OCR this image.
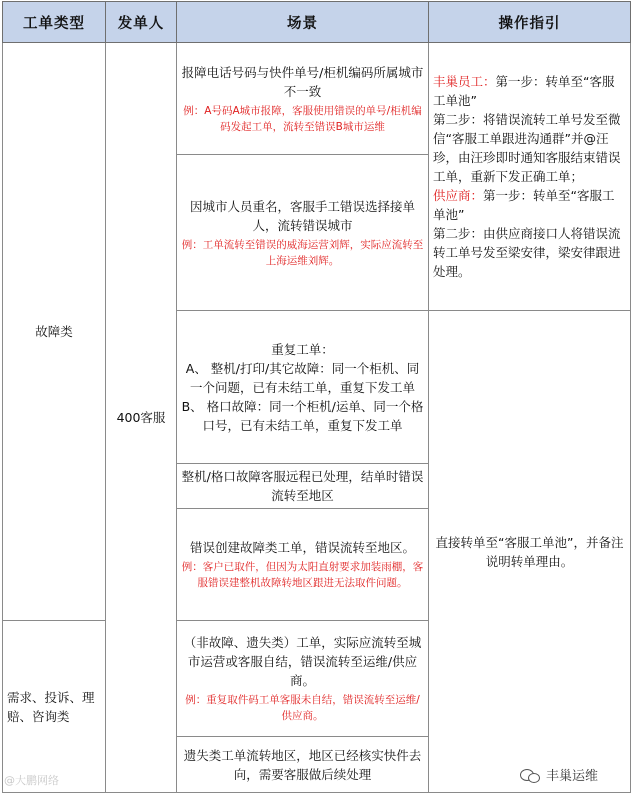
工单类型	发单人	场景	操作指引
故障类	400客服	报障电话号码与快件单号/柜机编码所属城市不一致
例：A号码A城市报障，客服使用错误的单号/柜机编码发起工单，流转至错误B城市运维	丰巢员工：第一步：转单至“客服工单池”
第二步：将错误流转工单号发至微信“客服工单跟进沟通群”并@汪珍，由汪珍即时通知客服结束错误工单，重新下发正确工单；
供应商：第一步：转单至“客服工单池”
第二步：由供应商接口人将错误流转工单号发至梁安律，梁安律跟进处理。

		因城市人员重名，客服手工错误选择接单人，流转错误城市
例：工单流转至错误的威海运营刘辉，实际应流转至上海运维刘辉。	

		重复工单：
A、 整机/打印/其它故障：同一个柜机、同一个问题，已有未结工单，重复下发工单
B、 格口故障：同一个柜机/运单、同一个格口号，已有未结工单，重复下发工单	直接转单至“客服工单池”，并备注说明转单理由。
		整机/格口故障客服远程已处理，结单时错误流转至地区	

		错误创建故障类工单，错误流转至地区。
例：客户已取件，但因为太阳直射要求加装雨棚，客服错误建整机故障转地区跟进无法取件问题。	

需求、投诉、理赔、咨询类		（非故障、遗失类）工单，实际应流转至城市运营或客服自结，错误流转至运维/供应商。
例：重复取件码工单客服未自结，错误流转至运维/供应商。	

		遗失类工单流转地区，地区已经核实快件去向，需要客服做后续处理	
@大鹏网络	丰巢运维
